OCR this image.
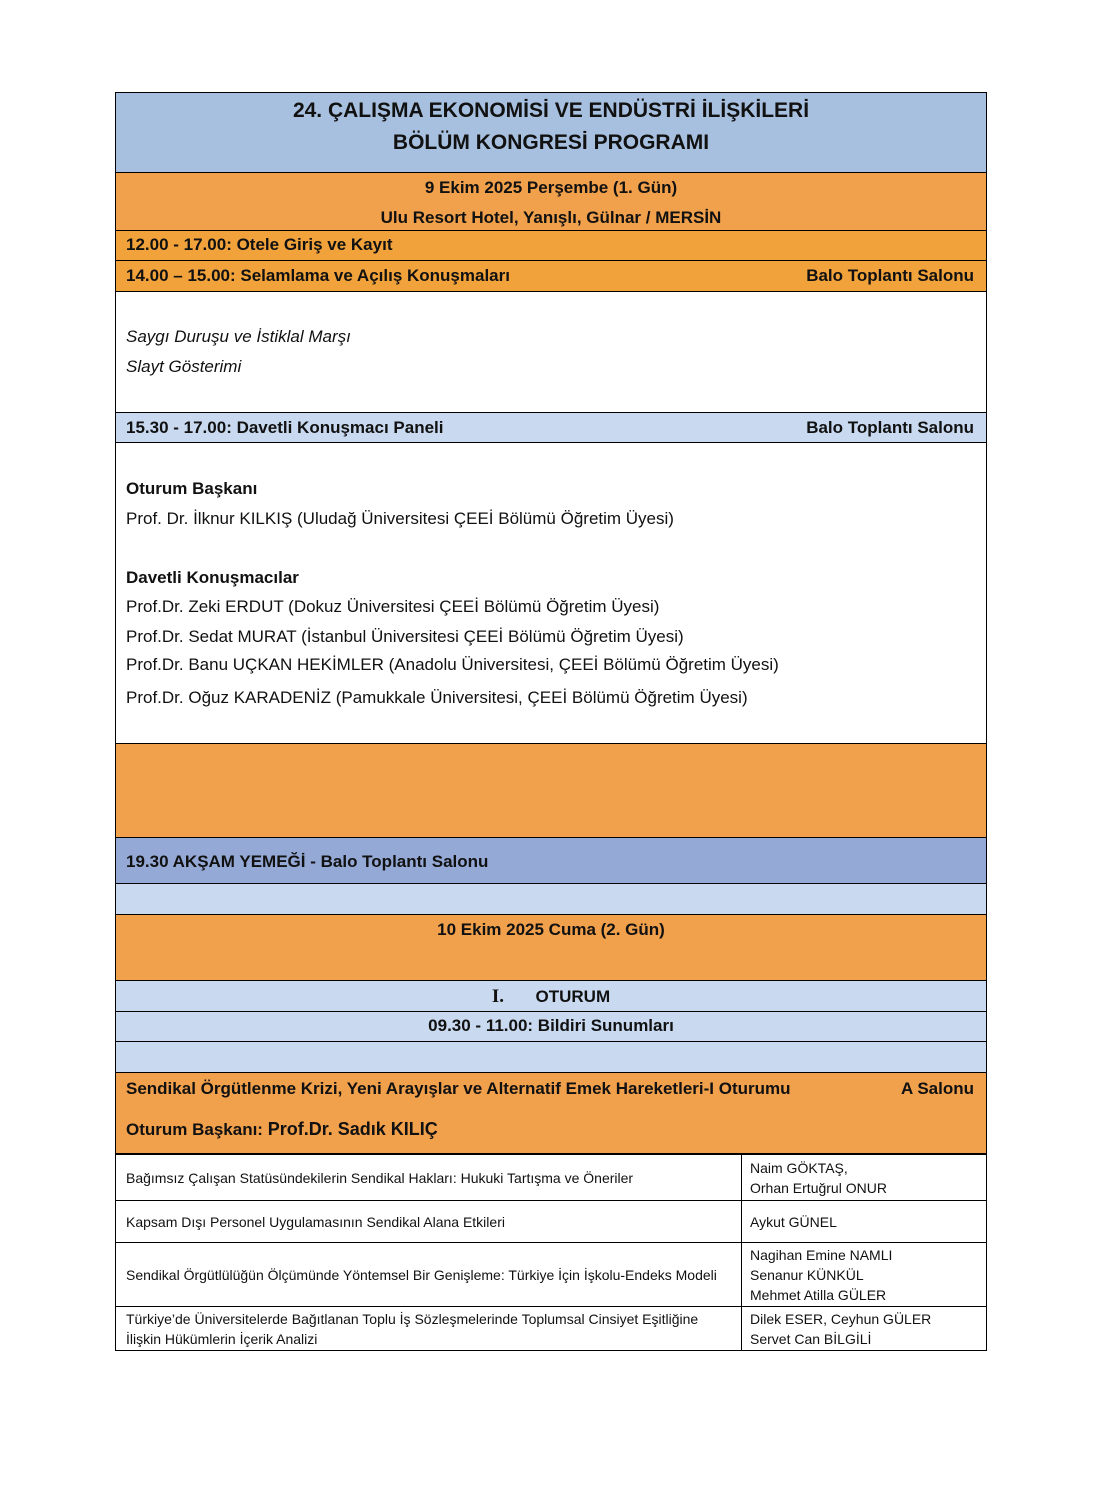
24. ÇALIŞMA EKONOMİSİ VE ENDÜSTRİ İLİŞKİLERİ
BÖLÜM KONGRESİ PROGRAMI
9 Ekim 2025 Perşembe (1. Gün)
Ulu Resort Hotel, Yanışlı, Gülnar / MERSİN
12.00 - 17.00: Otele Giriş ve Kayıt
14.00 – 15.00: Selamlama ve Açılış Konuşmaları	Balo Toplantı Salonu
Saygı Duruşu ve İstiklal Marşı
Slayt Gösterimi
15.30 - 17.00: Davetli Konuşmacı Paneli	Balo Toplantı Salonu
Oturum Başkanı
Prof. Dr. İlknur KILKIŞ (Uludağ Üniversitesi ÇEEİ Bölümü Öğretim Üyesi)
Davetli Konuşmacılar
Prof.Dr. Zeki ERDUT (Dokuz Üniversitesi ÇEEİ Bölümü Öğretim Üyesi)
Prof.Dr. Sedat MURAT (İstanbul Üniversitesi ÇEEİ Bölümü Öğretim Üyesi)
Prof.Dr. Banu UÇKAN HEKİMLER (Anadolu Üniversitesi, ÇEEİ Bölümü Öğretim Üyesi)
Prof.Dr. Oğuz KARADENİZ (Pamukkale Üniversitesi, ÇEEİ Bölümü Öğretim Üyesi)
19.30 AKŞAM YEMEĞİ - Balo Toplantı Salonu
10 Ekim 2025 Cuma (2. Gün)
I. OTURUM
09.30 - 11.00: Bildiri Sunumları
Sendikal Örgütlenme Krizi, Yeni Arayışlar ve Alternatif Emek Hareketleri-I Oturumu	A Salonu
Oturum Başkanı: Prof.Dr. Sadık KILIÇ
Bağımsız Çalışan Statüsündekilerin Sendikal Hakları: Hukuki Tartışma ve Öneriler	Naim GÖKTAŞ,
Orhan Ertuğrul ONUR

Kapsam Dışı Personel Uygulamasının Sendikal Alana Etkileri	Aykut GÜNEL

Sendikal Örgütlülüğün Ölçümünde Yöntemsel Bir Genişleme: Türkiye İçin İşkolu-Endeks Modeli	Nagihan Emine NAMLI
Senanur KÜNKÜL
Mehmet Atilla GÜLER

Türkiye’de Üniversitelerde Bağıtlanan Toplu İş Sözleşmelerinde Toplumsal Cinsiyet Eşitliğine İlişkin Hükümlerin İçerik Analizi	Dilek ESER, Ceyhun GÜLER
Servet Can BİLGİLİ
